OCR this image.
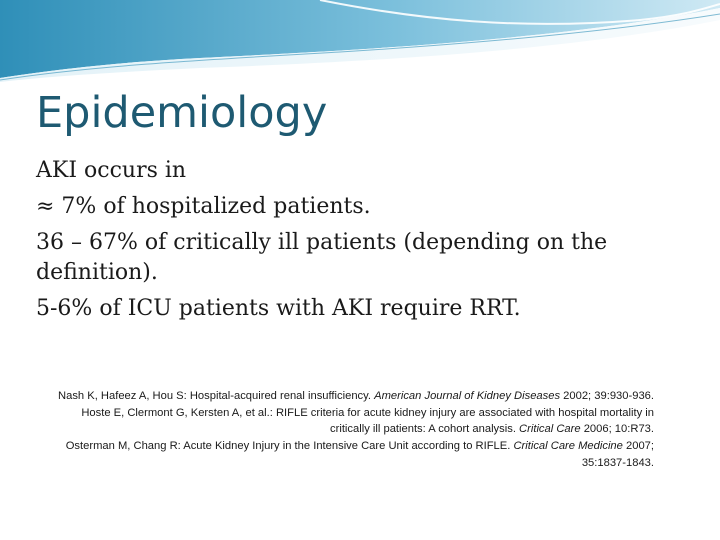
Epidemiology

AKI occurs in

≈ 7% of hospitalized patients.

36 – 67% of critically ill patients (depending on the definition).

5-6% of ICU patients with AKI require RRT.

Nash K, Hafeez A, Hou S: Hospital-acquired renal insufficiency. American Journal of Kidney Diseases 2002; 39:930-936.

Hoste E, Clermont G, Kersten A, et al.: RIFLE criteria for acute kidney injury are associated with hospital mortality in critically ill patients: A cohort analysis. Critical Care 2006; 10:R73.

Osterman M, Chang R: Acute Kidney Injury in the Intensive Care Unit according to RIFLE. Critical Care Medicine 2007; 35:1837-1843.
